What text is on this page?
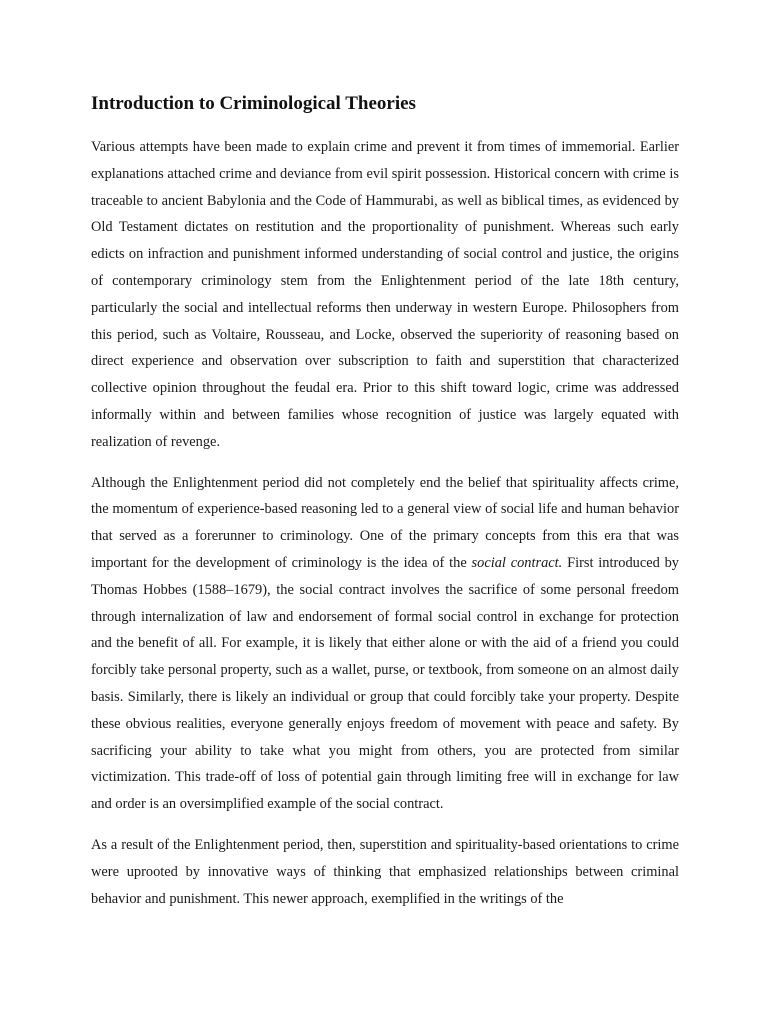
Introduction to Criminological Theories

Various attempts have been made to explain crime and prevent it from times of immemorial. Earlier explanations attached crime and deviance from evil spirit possession. Historical concern with crime is traceable to ancient Babylonia and the Code of Hammurabi, as well as biblical times, as evidenced by Old Testament dictates on restitution and the proportionality of punishment. Whereas such early edicts on infraction and punishment informed understanding of social control and justice, the origins of contemporary criminology stem from the Enlightenment period of the late 18th century, particularly the social and intellectual reforms then underway in western Europe. Philosophers from this period, such as Voltaire, Rousseau, and Locke, observed the superiority of reasoning based on direct experience and observation over subscription to faith and superstition that characterized collective opinion throughout the feudal era. Prior to this shift toward logic, crime was addressed informally within and between families whose recognition of justice was largely equated with realization of revenge.

Although the Enlightenment period did not completely end the belief that spirituality affects crime, the momentum of experience-based reasoning led to a general view of social life and human behavior that served as a forerunner to criminology. One of the primary concepts from this era that was important for the development of criminology is the idea of the social contract. First introduced by Thomas Hobbes (1588–1679), the social contract involves the sacrifice of some personal freedom through internalization of law and endorsement of formal social control in exchange for protection and the benefit of all. For example, it is likely that either alone or with the aid of a friend you could forcibly take personal property, such as a wallet, purse, or textbook, from someone on an almost daily basis. Similarly, there is likely an individual or group that could forcibly take your property. Despite these obvious realities, everyone generally enjoys freedom of movement with peace and safety. By sacrificing your ability to take what you might from others, you are protected from similar victimization. This trade-off of loss of potential gain through limiting free will in exchange for law and order is an oversimplified example of the social contract.

As a result of the Enlightenment period, then, superstition and spirituality-based orientations to crime were uprooted by innovative ways of thinking that emphasized relationships between criminal behavior and punishment. This newer approach, exemplified in the writings of the
